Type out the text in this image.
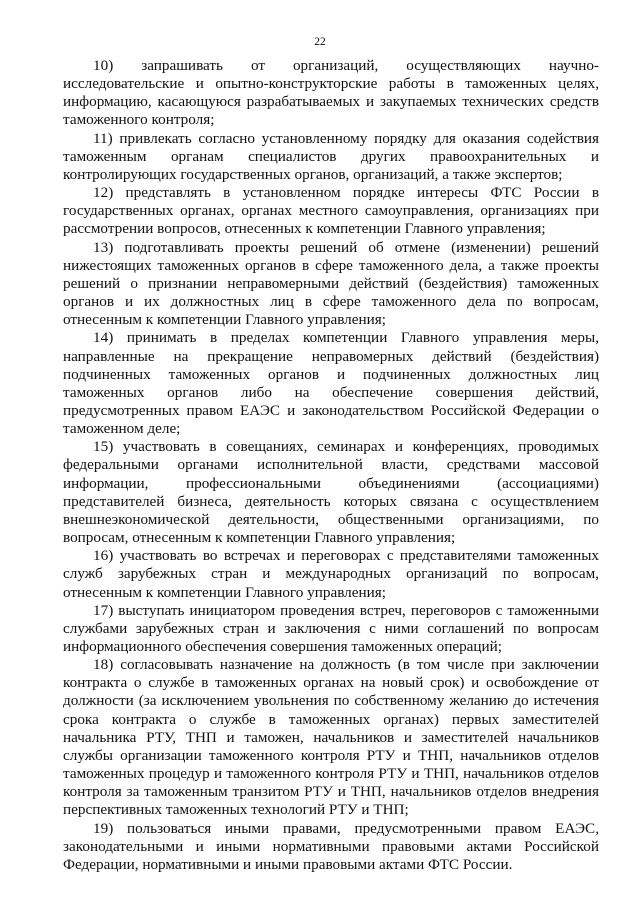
22

10) запрашивать от организаций, осуществляющих научно-исследовательские и опытно-конструкторские работы в таможенных целях, информацию, касающуюся разрабатываемых и закупаемых технических средств таможенного контроля;

11) привлекать согласно установленному порядку для оказания содействия таможенным органам специалистов других правоохранительных и контролирующих государственных органов, организаций, а также экспертов;

12) представлять в установленном порядке интересы ФТС России в государственных органах, органах местного самоуправления, организациях при рассмотрении вопросов, отнесенных к компетенции Главного управления;

13) подготавливать проекты решений об отмене (изменении) решений нижестоящих таможенных органов в сфере таможенного дела, а также проекты решений о признании неправомерными действий (бездействия) таможенных органов и их должностных лиц в сфере таможенного дела по вопросам, отнесенным к компетенции Главного управления;

14) принимать в пределах компетенции Главного управления меры, направленные на прекращение неправомерных действий (бездействия) подчиненных таможенных органов и подчиненных должностных лиц таможенных органов либо на обеспечение совершения действий, предусмотренных правом ЕАЭС и законодательством Российской Федерации о таможенном деле;

15) участвовать в совещаниях, семинарах и конференциях, проводимых федеральными органами исполнительной власти, средствами массовой информации, профессиональными объединениями (ассоциациями) представителей бизнеса, деятельность которых связана с осуществлением внешнеэкономической деятельности, общественными организациями, по вопросам, отнесенным к компетенции Главного управления;

16) участвовать во встречах и переговорах с представителями таможенных служб зарубежных стран и международных организаций по вопросам, отнесенным к компетенции Главного управления;

17) выступать инициатором проведения встреч, переговоров с таможенными службами зарубежных стран и заключения с ними соглашений по вопросам информационного обеспечения совершения таможенных операций;

18) согласовывать назначение на должность (в том числе при заключении контракта о службе в таможенных органах на новый срок) и освобождение от должности (за исключением увольнения по собственному желанию до истечения срока контракта о службе в таможенных органах) первых заместителей начальника РТУ, ТНП и таможен, начальников и заместителей начальников службы организации таможенного контроля РТУ и ТНП, начальников отделов таможенных процедур и таможенного контроля РТУ и ТНП, начальников отделов контроля за таможенным транзитом РТУ и ТНП, начальников отделов внедрения перспективных таможенных технологий РТУ и ТНП;

19) пользоваться иными правами, предусмотренными правом ЕАЭС, законодательными и иными нормативными правовыми актами Российской Федерации, нормативными и иными правовыми актами ФТС России.
